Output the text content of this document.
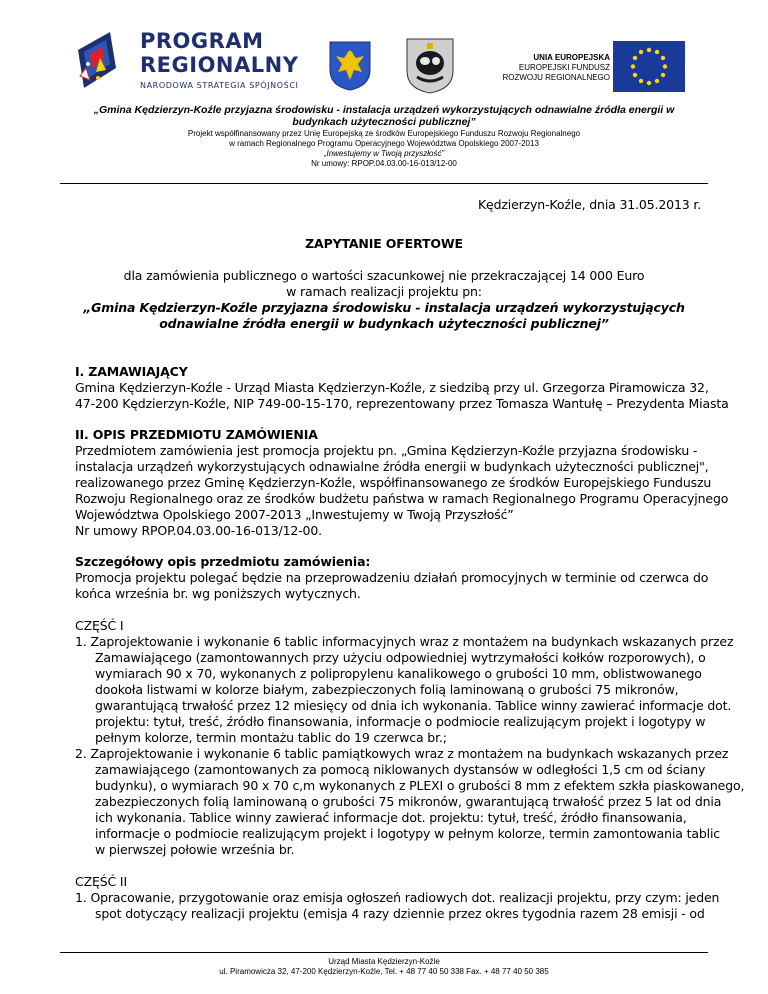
PROGRAM
REGIONALNY
NARODOWA STRATEGIA SPÓJNOŚCI
UNIA EUROPEJSKA
EUROPEJSKI FUNDUSZ
ROZWOJU REGIONALNEGO
„Gmina Kędzierzyn-Koźle przyjazna środowisku - instalacja urządzeń wykorzystujących odnawialne źródła energii w
budynkach użyteczności publicznej”
Projekt współfinansowany przez Unię Europejską ze środków Europejskiego Funduszu Rozwoju Regionalnego
w ramach Regionalnego Programu Operacyjnego Województwa Opolskiego 2007-2013
„Inwestujemy w Twoją przyszłość”
Nr umowy: RPOP.04.03.00-16-013/12-00
Kędzierzyn-Koźle, dnia 31.05.2013 r.
ZAPYTANIE OFERTOWE
dla zamówienia publicznego o wartości szacunkowej nie przekraczającej 14 000 Euro
w ramach realizacji projektu pn:
„Gmina Kędzierzyn-Koźle przyjazna środowisku - instalacja urządzeń wykorzystujących
odnawialne źródła energii w budynkach użyteczności publicznej”
I. ZAMAWIAJĄCY
Gmina Kędzierzyn-Koźle - Urząd Miasta Kędzierzyn-Koźle, z siedzibą przy ul. Grzegorza Piramowicza 32,
47-200 Kędzierzyn-Koźle, NIP 749-00-15-170, reprezentowany przez Tomasza Wantułę – Prezydenta Miasta
II. OPIS PRZEDMIOTU ZAMÓWIENIA
Przedmiotem zamówienia jest promocja projektu pn. „Gmina Kędzierzyn-Koźle przyjazna środowisku -
instalacja urządzeń wykorzystujących odnawialne źródła energii w budynkach użyteczności publicznej",
realizowanego przez Gminę Kędzierzyn-Koźle, współfinansowanego ze środków Europejskiego Funduszu
Rozwoju Regionalnego oraz ze środków budżetu państwa w ramach Regionalnego Programu Operacyjnego
Województwa Opolskiego 2007-2013 „Inwestujemy w Twoją Przyszłość”
Nr umowy RPOP.04.03.00-16-013/12-00.
Szczegółowy opis przedmiotu zamówienia:
Promocja projektu polegać będzie na przeprowadzeniu działań promocyjnych w terminie od czerwca do
końca września br. wg poniższych wytycznych.
CZĘŚĆ I
1. Zaprojektowanie i wykonanie 6 tablic informacyjnych wraz z montażem na budynkach wskazanych przez
Zamawiającego (zamontowannych przy użyciu odpowiedniej wytrzymałości kołków rozporowych), o
wymiarach 90 x 70, wykonanych z polipropylenu kanalikowego o grubości 10 mm, oblistwowanego
dookoła listwami w kolorze białym, zabezpieczonych folią laminowaną o grubości 75 mikronów,
gwarantującą trwałość przez 12 miesięcy od dnia ich wykonania. Tablice winny zawierać informacje dot.
projektu: tytuł, treść, źródło finansowania, informacje o podmiocie realizującym projekt i logotypy w
pełnym kolorze, termin montażu tablic do 19 czerwca br.;
2. Zaprojektowanie i wykonanie 6 tablic pamiątkowych wraz z montażem na budynkach wskazanych przez
zamawiającego (zamontowanych za pomocą niklowanych dystansów w odległości 1,5 cm od ściany
budynku), o wymiarach 90 x 70 c,m wykonanych z PLEXI o grubości 8 mm z efektem szkła piaskowanego,
zabezpieczonych folią laminowaną o grubości 75 mikronów, gwarantującą trwałość przez 5 lat od dnia
ich wykonania. Tablice winny zawierać informacje dot. projektu: tytuł, treść, źródło finansowania,
informacje o podmiocie realizującym projekt i logotypy w pełnym kolorze, termin zamontowania tablic
w pierwszej połowie września br.
CZĘŚĆ II
1. Opracowanie, przygotowanie oraz emisja ogłoszeń radiowych dot. realizacji projektu, przy czym: jeden
spot dotyczący realizacji projektu (emisja 4 razy dziennie przez okres tygodnia razem 28 emisji - od
Urząd Miasta Kędzierzyn-Koźle
ul. Piramowicza 32, 47-200 Kędzierzyn-Koźle, Tel. + 48 77 40 50 338 Fax. + 48 77 40 50 385
